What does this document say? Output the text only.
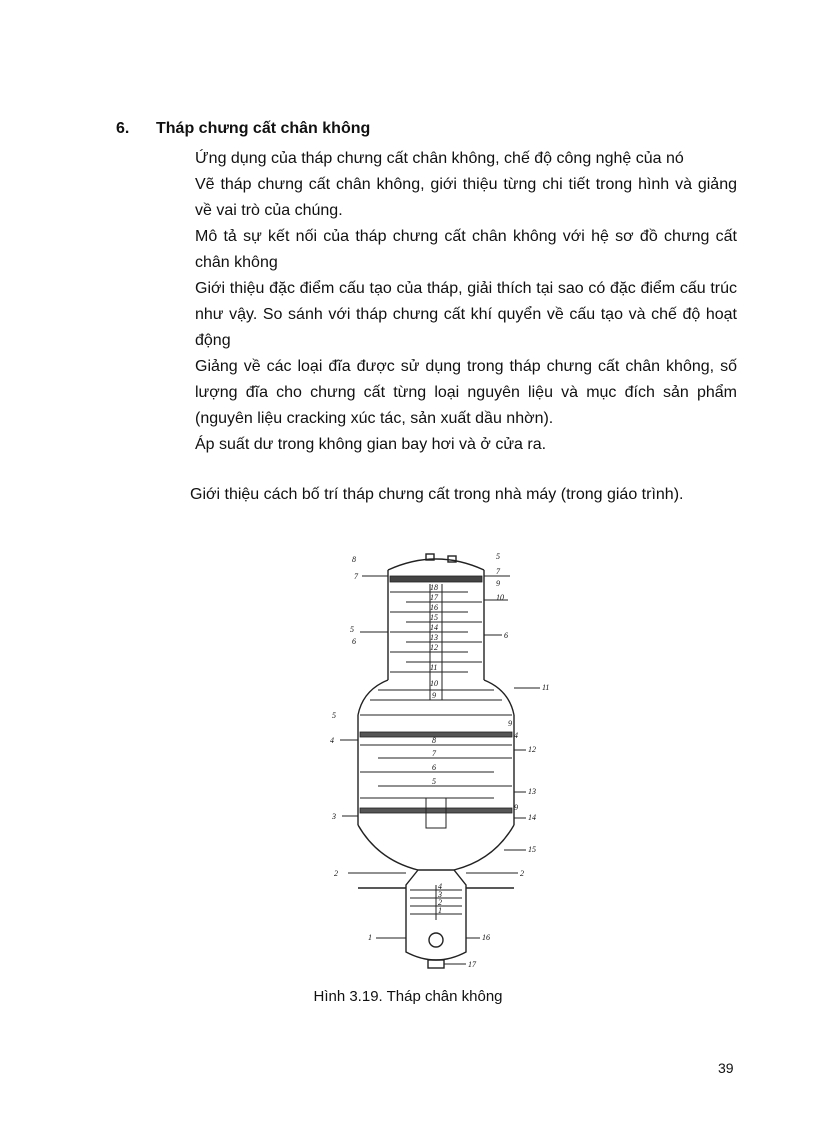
6. Tháp chưng cất chân không

Ứng dụng của tháp chưng cất chân không, chế độ công nghệ của nó

Vẽ tháp chưng cất chân không, giới thiệu từng chi tiết trong hình và giảng về vai trò của chúng.

Mô tả sự kết nối của tháp chưng cất chân không với hệ sơ đồ chưng cất chân không

Giới thiệu đặc điểm cấu tạo của tháp, giải thích tại sao có đặc điểm cấu trúc như vậy. So sánh với tháp chưng cất khí quyển về cấu tạo và chế độ hoạt động

Giảng về các loại đĩa được sử dụng trong tháp chưng cất chân không, số lượng đĩa cho chưng cất từng loại nguyên liệu và mục đích sản phẩm (nguyên liệu cracking xúc tác, sản xuất dầu nhờn).

Áp suất dư trong không gian bay hơi và ở cửa ra.

Giới thiệu cách bố trí tháp chưng cất trong nhà máy (trong giáo trình).

8
7
5
6
5
4
3
2
1
5
7
9
10
6
11
9
4
12
13
9
14
15
2
16
17
18
17
16
15
14
13
12
11
10
9
8
7
6
5
4
3
2
1
Hình 3.19. Tháp chân không
39
